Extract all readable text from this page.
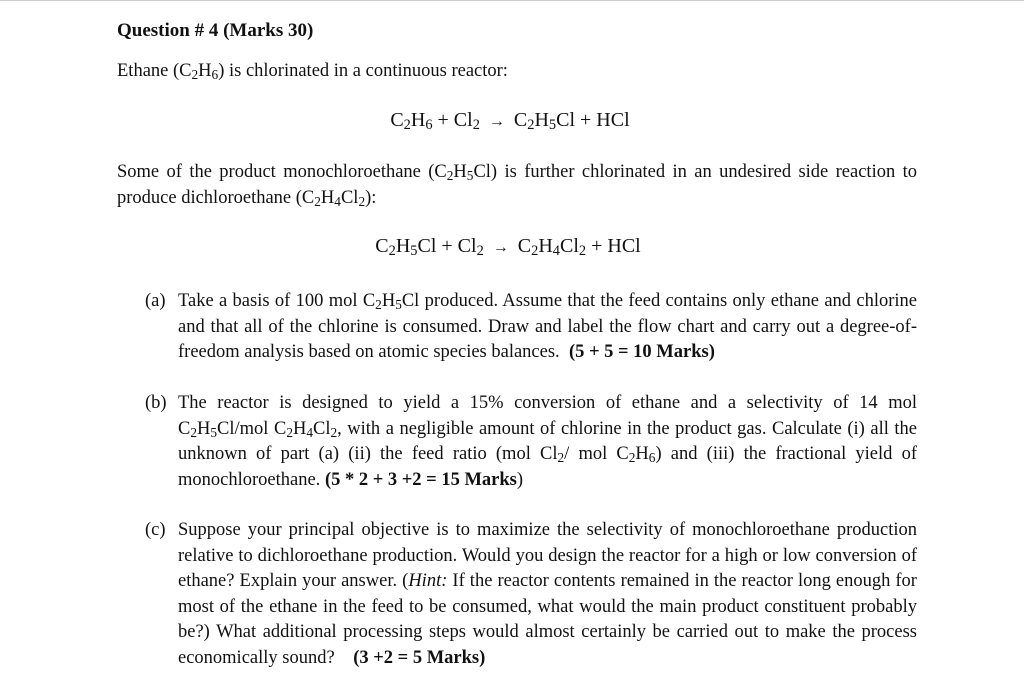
Question # 4 (Marks 30)
Ethane $(C_2H_6)$ is chlorinated in a continuous reactor:
$C_2H_6 + Cl_2 \to C_2H_5Cl$ + HCl
Some of the product monochloroethane $(C_2H_5Cl)$ is further chlorinated in an undesired side reaction to produce dichloroethane $(C_2H_4Cl_2)$:
$C_2H_5Cl + Cl_2 \to C_2H_4Cl_2$ + HCl
(a) Take a basis of 100 mol $C_2H_5Cl$ produced. Assume that the feed contains only ethane and chlorine and that all of the chlorine is consumed. Draw and label the flow chart and carry out a degree-of-freedom analysis based on atomic species balances. (5 + 5 = 10 Marks)
(b) The reactor is designed to yield a 15% conversion of ethane and a selectivity of 14 mol $C_2H_5Cl$/mol $C_2H_4Cl_2$, with a negligible amount of chlorine in the product gas. Calculate (i) all the unknown of part (a) (ii) the feed ratio (mol $Cl_2/$ mol $C_2H_6$) and (iii) the fractional yield of monochloroethane. (5 * 2 + 3 +2 = 15 Marks)
(c) Suppose your principal objective is to maximize the selectivity of monochloroethane production relative to dichloroethane production. Would you design the reactor for a high or low conversion of ethane? Explain your answer. (Hint: If the reactor contents remained in the reactor long enough for most of the ethane in the feed to be consumed, what would the main product constituent probably be?) What additional processing steps would almost certainly be carried out to make the process economically sound? (3 +2 = 5 Marks)
